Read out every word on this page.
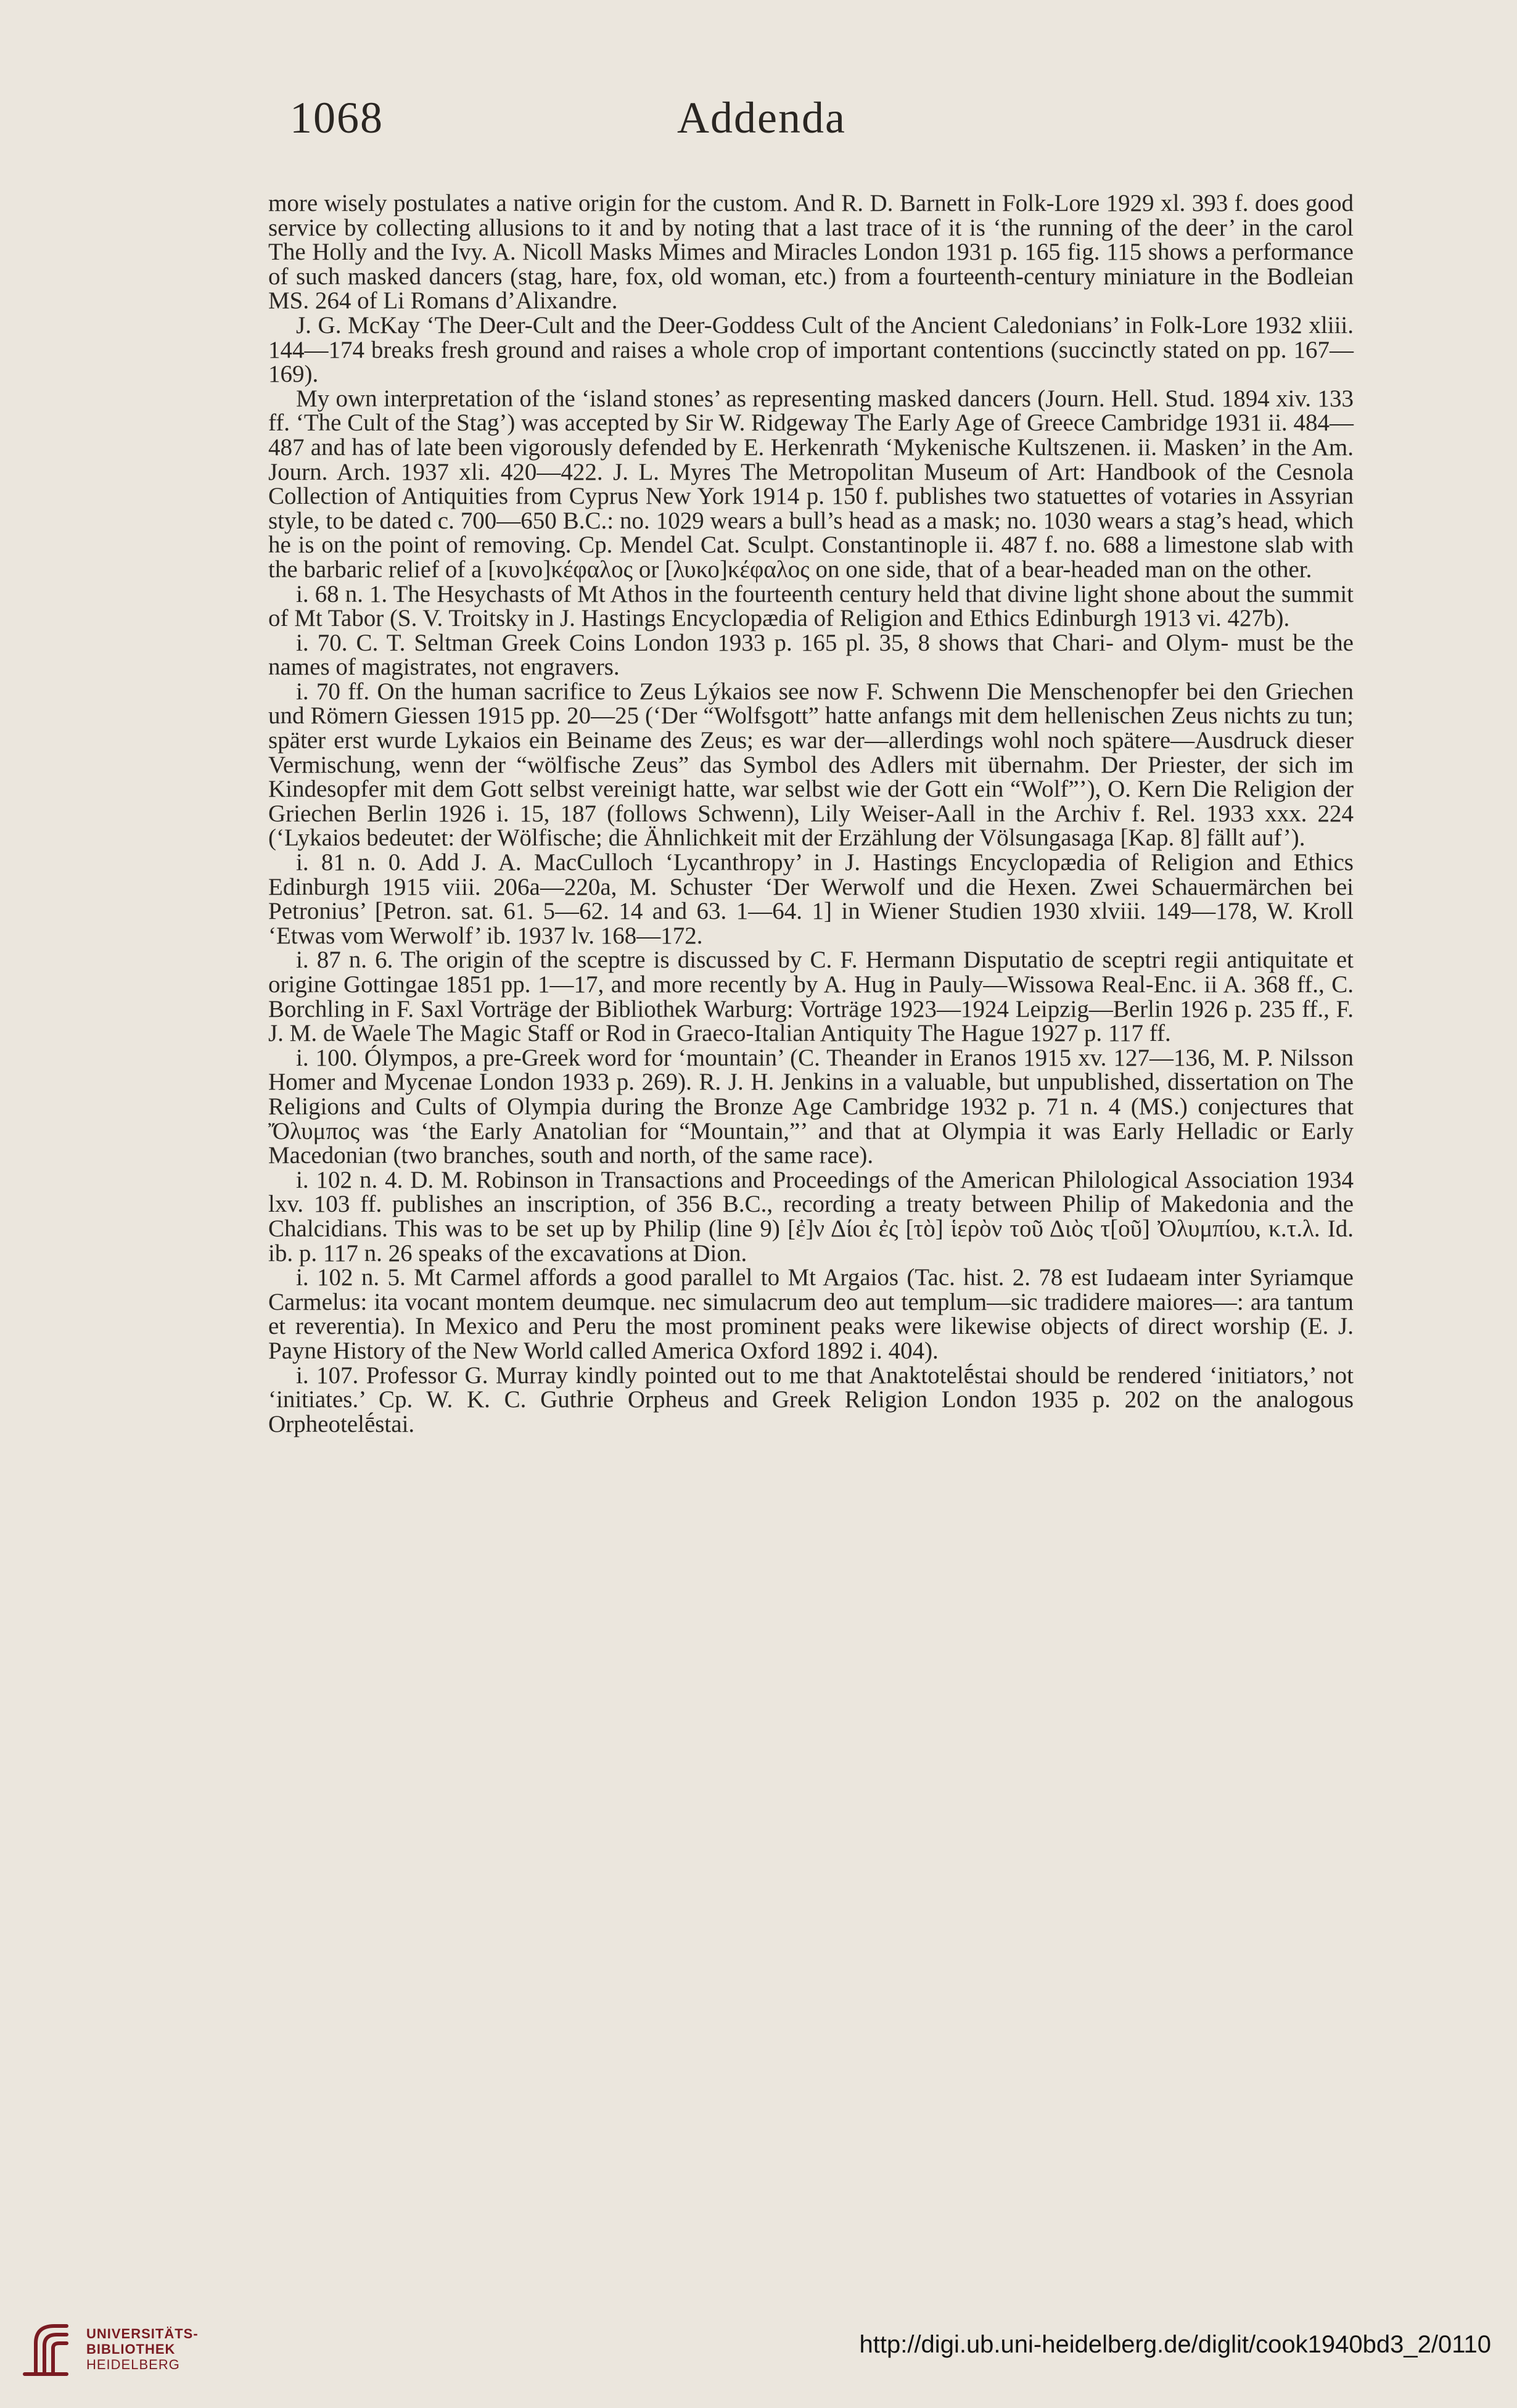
1068	Addenda

more wisely postulates a native origin for the custom. And R. D. Barnett in Folk-Lore 1929 xl. 393 f. does good service by collecting allusions to it and by noting that a last trace of it is ‘the running of the deer’ in the carol The Holly and the Ivy. A. Nicoll Masks Mimes and Miracles London 1931 p. 165 fig. 115 shows a performance of such masked dancers (stag, hare, fox, old woman, etc.) from a fourteenth-century miniature in the Bodleian MS. 264 of Li Romans d’Alixandre.

J. G. McKay ‘The Deer-Cult and the Deer-Goddess Cult of the Ancient Caledonians’ in Folk-Lore 1932 xliii. 144—174 breaks fresh ground and raises a whole crop of important contentions (succinctly stated on pp. 167—169).

My own interpretation of the ‘island stones’ as representing masked dancers (Journ. Hell. Stud. 1894 xiv. 133 ff. ‘The Cult of the Stag’) was accepted by Sir W. Ridgeway The Early Age of Greece Cambridge 1931 ii. 484—487 and has of late been vigorously defended by E. Herkenrath ‘Mykenische Kultszenen. ii. Masken’ in the Am. Journ. Arch. 1937 xli. 420—422. J. L. Myres The Metropolitan Museum of Art: Handbook of the Cesnola Collection of Antiquities from Cyprus New York 1914 p. 150 f. publishes two statuettes of votaries in Assyrian style, to be dated c. 700—650 B.C.: no. 1029 wears a bull’s head as a mask; no. 1030 wears a stag’s head, which he is on the point of removing. Cp. Mendel Cat. Sculpt. Constantinople ii. 487 f. no. 688 a limestone slab with the barbaric relief of a [κυνο]κέφαλος or [λυκο]κέφαλος on one side, that of a bear-headed man on the other.

i. 68 n. 1. The Hesychasts of Mt Athos in the fourteenth century held that divine light shone about the summit of Mt Tabor (S. V. Troitsky in J. Hastings Encyclopædia of Religion and Ethics Edinburgh 1913 vi. 427b).

i. 70. C. T. Seltman Greek Coins London 1933 p. 165 pl. 35, 8 shows that Chari- and Olym- must be the names of magistrates, not engravers.

i. 70 ff. On the human sacrifice to Zeus Lýkaios see now F. Schwenn Die Menschenopfer bei den Griechen und Römern Giessen 1915 pp. 20—25 (‘Der “Wolfsgott” hatte anfangs mit dem hellenischen Zeus nichts zu tun; später erst wurde Lykaios ein Beiname des Zeus; es war der—allerdings wohl noch spätere—Ausdruck dieser Vermischung, wenn der “wölfische Zeus” das Symbol des Adlers mit übernahm. Der Priester, der sich im Kindesopfer mit dem Gott selbst vereinigt hatte, war selbst wie der Gott ein “Wolf”’), O. Kern Die Religion der Griechen Berlin 1926 i. 15, 187 (follows Schwenn), Lily Weiser-Aall in the Archiv f. Rel. 1933 xxx. 224 (‘Lykaios bedeutet: der Wölfische; die Ähnlichkeit mit der Erzählung der Völsungasaga [Kap. 8] fällt auf’).

i. 81 n. 0. Add J. A. MacCulloch ‘Lycanthropy’ in J. Hastings Encyclopædia of Religion and Ethics Edinburgh 1915 viii. 206a—220a, M. Schuster ‘Der Werwolf und die Hexen. Zwei Schauermärchen bei Petronius’ [Petron. sat. 61. 5—62. 14 and 63. 1—64. 1] in Wiener Studien 1930 xlviii. 149—178, W. Kroll ‘Etwas vom Werwolf’ ib. 1937 lv. 168—172.

i. 87 n. 6. The origin of the sceptre is discussed by C. F. Hermann Disputatio de sceptri regii antiquitate et origine Gottingae 1851 pp. 1—17, and more recently by A. Hug in Pauly—Wissowa Real-Enc. ii A. 368 ff., C. Borchling in F. Saxl Vorträge der Bibliothek Warburg: Vorträge 1923—1924 Leipzig—Berlin 1926 p. 235 ff., F. J. M. de Waele The Magic Staff or Rod in Graeco-Italian Antiquity The Hague 1927 p. 117 ff.

i. 100. Ólympos, a pre-Greek word for ‘mountain’ (C. Theander in Eranos 1915 xv. 127—136, M. P. Nilsson Homer and Mycenae London 1933 p. 269). R. J. H. Jenkins in a valuable, but unpublished, dissertation on The Religions and Cults of Olympia during the Bronze Age Cambridge 1932 p. 71 n. 4 (MS.) conjectures that Ὄλυμπος was ‘the Early Anatolian for “Mountain,”’ and that at Olympia it was Early Helladic or Early Macedonian (two branches, south and north, of the same race).

i. 102 n. 4. D. M. Robinson in Transactions and Proceedings of the American Philological Association 1934 lxv. 103 ff. publishes an inscription, of 356 B.C., recording a treaty between Philip of Makedonia and the Chalcidians. This was to be set up by Philip (line 9) [ἐ]ν Δίοι ἐς [τὸ] ἱερὸν τοῦ Διὸς τ[οῦ] Ὀλυμπίου, κ.τ.λ. Id. ib. p. 117 n. 26 speaks of the excavations at Dion.

i. 102 n. 5. Mt Carmel affords a good parallel to Mt Argaios (Tac. hist. 2. 78 est Iudaeam inter Syriamque Carmelus: ita vocant montem deumque. nec simulacrum deo aut templum—sic tradidere maiores—: ara tantum et reverentia). In Mexico and Peru the most prominent peaks were likewise objects of direct worship (E. J. Payne History of the New World called America Oxford 1892 i. 404).

i. 107. Professor G. Murray kindly pointed out to me that Anaktotelḗstai should be rendered ‘initiators,’ not ‘initiates.’ Cp. W. K. C. Guthrie Orpheus and Greek Religion London 1935 p. 202 on the analogous Orpheotelḗstai.

UNIVERSITÄTS-
BIBLIOTHEK
HEIDELBERG
http://digi.ub.uni-heidelberg.de/diglit/cook1940bd3_2/0110
